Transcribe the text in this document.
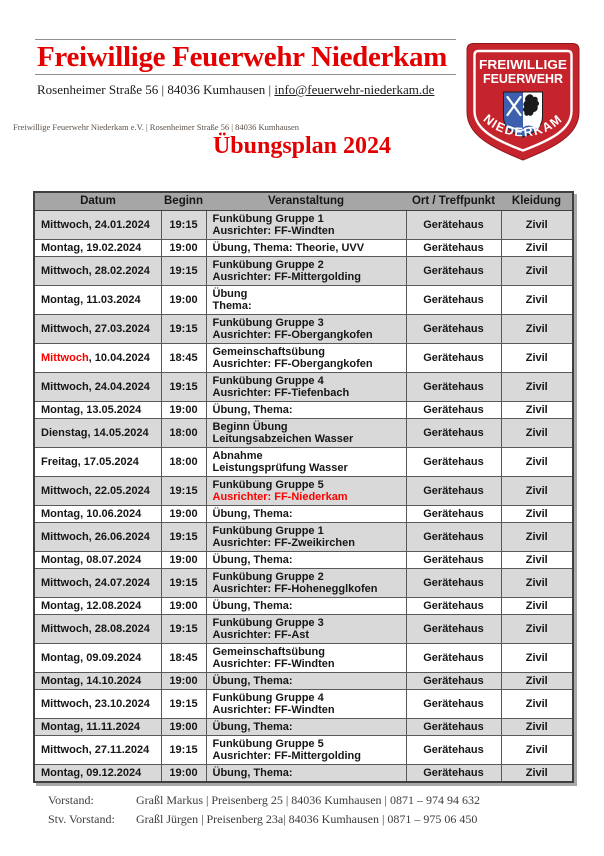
Freiwillige Feuerwehr Niederkam
Rosenheimer Straße 56 | 84036 Kumhausen | info@feuerwehr-niederkam.de
Freiwillige Feuerwehr Niederkam e.V. | Rosenheimer Straße 56 | 84036 Kumhausen
Übungsplan 2024
FREIWILLIGE
FEUERWEHR
NIEDERKAM
Datum	Beginn	Veranstaltung	Ort / Treffpunkt	Kleidung
Mittwoch, 24.01.2024	19:15	Funkübung Gruppe 1
Ausrichter: FF-Windten	Gerätehaus	Zivil
Montag, 19.02.2024	19:00	Übung, Thema: Theorie, UVV	Gerätehaus	Zivil
Mittwoch, 28.02.2024	19:15	Funkübung Gruppe 2
Ausrichter: FF-Mittergolding	Gerätehaus	Zivil
Montag, 11.03.2024	19:00	Übung
Thema:	Gerätehaus	Zivil
Mittwoch, 27.03.2024	19:15	Funkübung Gruppe 3
Ausrichter: FF-Obergangkofen	Gerätehaus	Zivil
Mittwoch, 10.04.2024	18:45	Gemeinschaftsübung
Ausrichter: FF-Obergangkofen	Gerätehaus	Zivil
Mittwoch, 24.04.2024	19:15	Funkübung Gruppe 4
Ausrichter: FF-Tiefenbach	Gerätehaus	Zivil
Montag, 13.05.2024	19:00	Übung, Thema:	Gerätehaus	Zivil
Dienstag, 14.05.2024	18:00	Beginn Übung
Leitungsabzeichen Wasser	Gerätehaus	Zivil
Freitag, 17.05.2024	18:00	Abnahme
Leistungsprüfung Wasser	Gerätehaus	Zivil
Mittwoch, 22.05.2024	19:15	Funkübung Gruppe 5
Ausrichter: FF-Niederkam	Gerätehaus	Zivil
Montag, 10.06.2024	19:00	Übung, Thema:	Gerätehaus	Zivil
Mittwoch, 26.06.2024	19:15	Funkübung Gruppe 1
Ausrichter: FF-Zweikirchen	Gerätehaus	Zivil
Montag, 08.07.2024	19:00	Übung, Thema:	Gerätehaus	Zivil
Mittwoch, 24.07.2024	19:15	Funkübung Gruppe 2
Ausrichter: FF-Hohenegglkofen	Gerätehaus	Zivil
Montag, 12.08.2024	19:00	Übung, Thema:	Gerätehaus	Zivil
Mittwoch, 28.08.2024	19:15	Funkübung Gruppe 3
Ausrichter: FF-Ast	Gerätehaus	Zivil
Montag, 09.09.2024	18:45	Gemeinschaftsübung
Ausrichter: FF-Windten	Gerätehaus	Zivil
Montag, 14.10.2024	19:00	Übung, Thema:	Gerätehaus	Zivil
Mittwoch, 23.10.2024	19:15	Funkübung Gruppe 4
Ausrichter: FF-Windten	Gerätehaus	Zivil
Montag, 11.11.2024	19:00	Übung, Thema:	Gerätehaus	Zivil
Mittwoch, 27.11.2024	19:15	Funkübung Gruppe 5
Ausrichter: FF-Mittergolding	Gerätehaus	Zivil
Montag, 09.12.2024	19:00	Übung, Thema:	Gerätehaus	Zivil
Vorstand:	Graßl Markus | Preisenberg 25 | 84036 Kumhausen | 0871 – 974 94 632
Stv. Vorstand: Graßl Jürgen | Preisenberg 23a| 84036 Kumhausen | 0871 – 975 06 450
